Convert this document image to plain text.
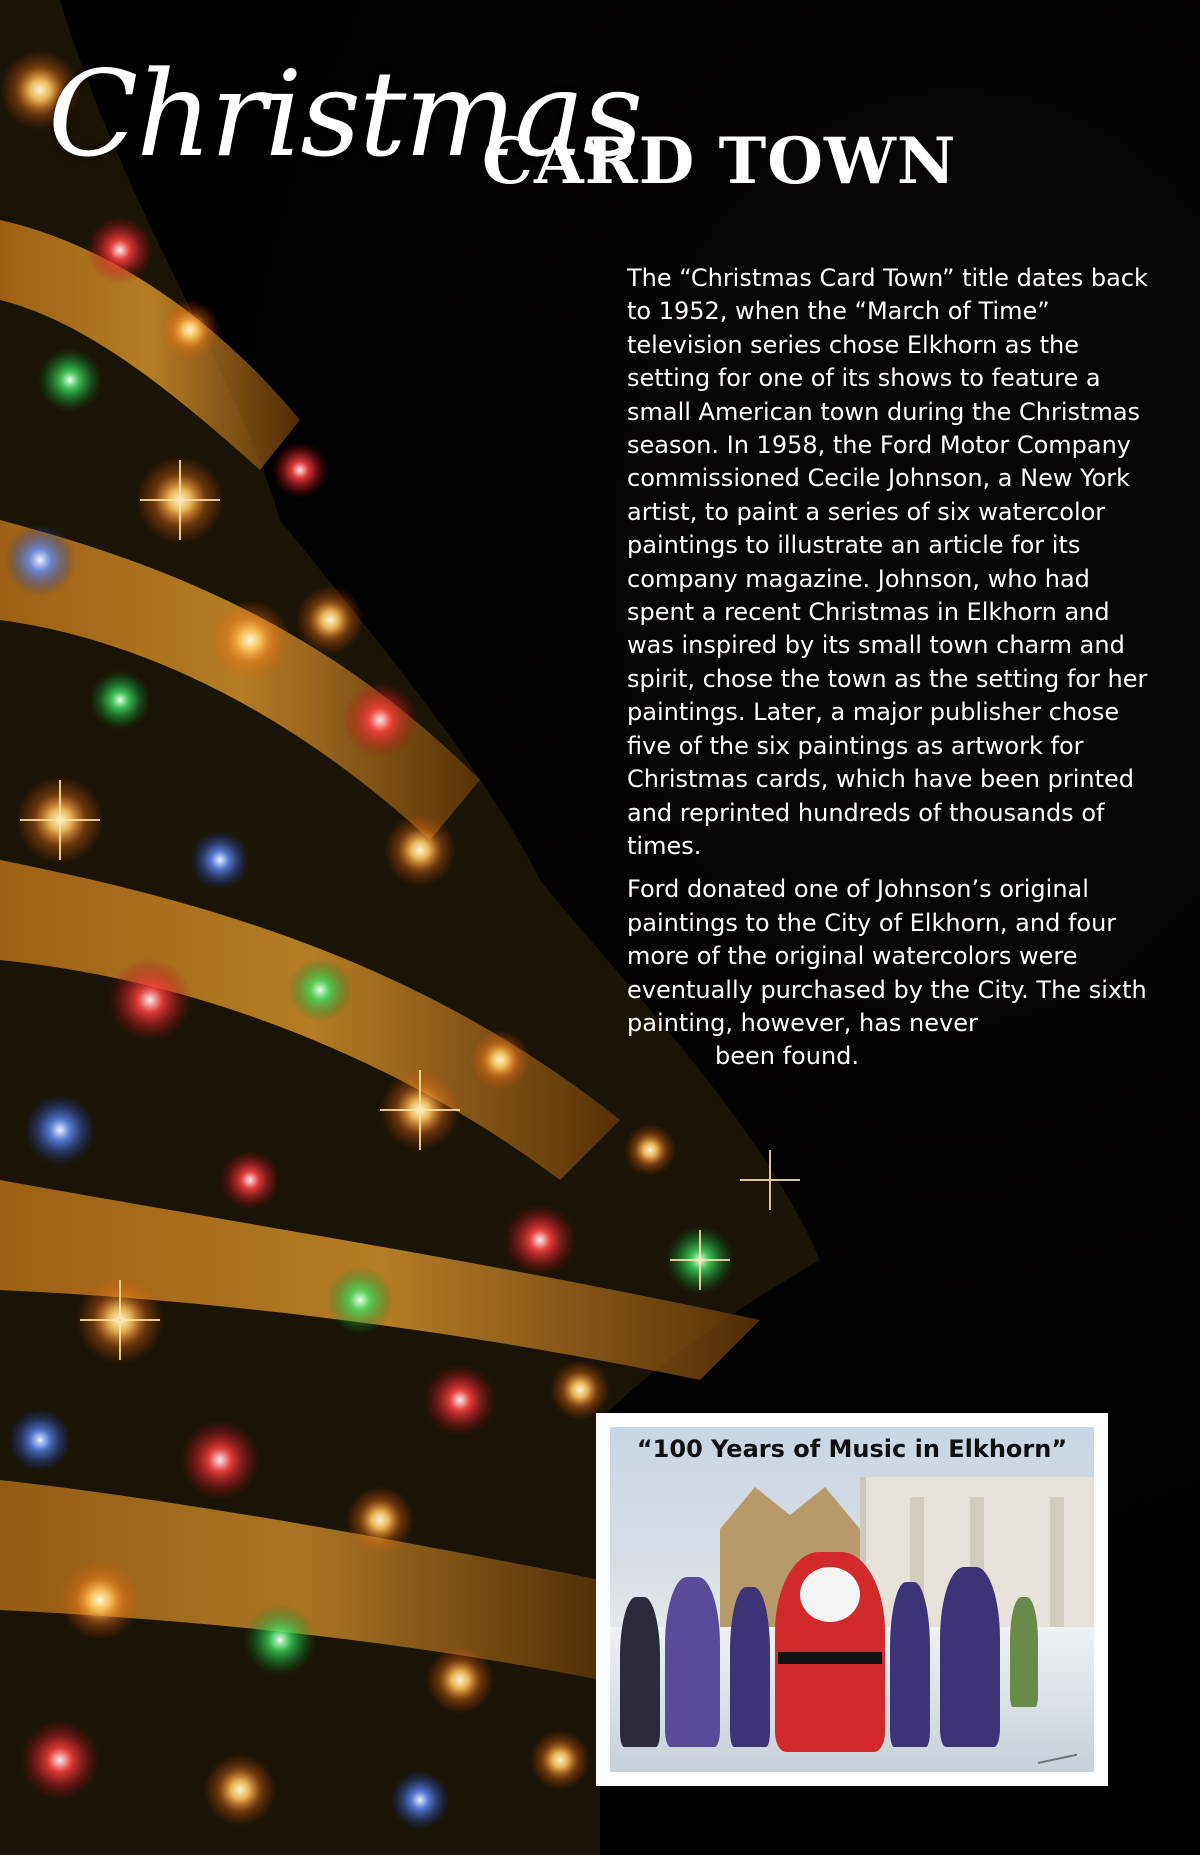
Christmas
CARD TOWN

The “Christmas Card Town” title dates back to 1952, when the “March of Time” television series chose Elkhorn as the setting for one of its shows to feature a small American town during the Christmas season. In 1958, the Ford Motor Company commissioned Cecile Johnson, a New York artist, to paint a series of six watercolor paintings to illustrate an article for its company magazine. Johnson, who had spent a recent Christmas in Elkhorn and was inspired by its small town charm and spirit, chose the town as the setting for her paintings. Later, a major publisher chose five of the six paintings as artwork for Christmas cards, which have been printed and reprinted hundreds of thousands of times.

Ford donated one of Johnson’s original paintings to the City of Elkhorn, and four more of the original watercolors were eventually purchased by the City. The sixth painting, however, has never
been found.

“100 Years of Music in Elkhorn”
